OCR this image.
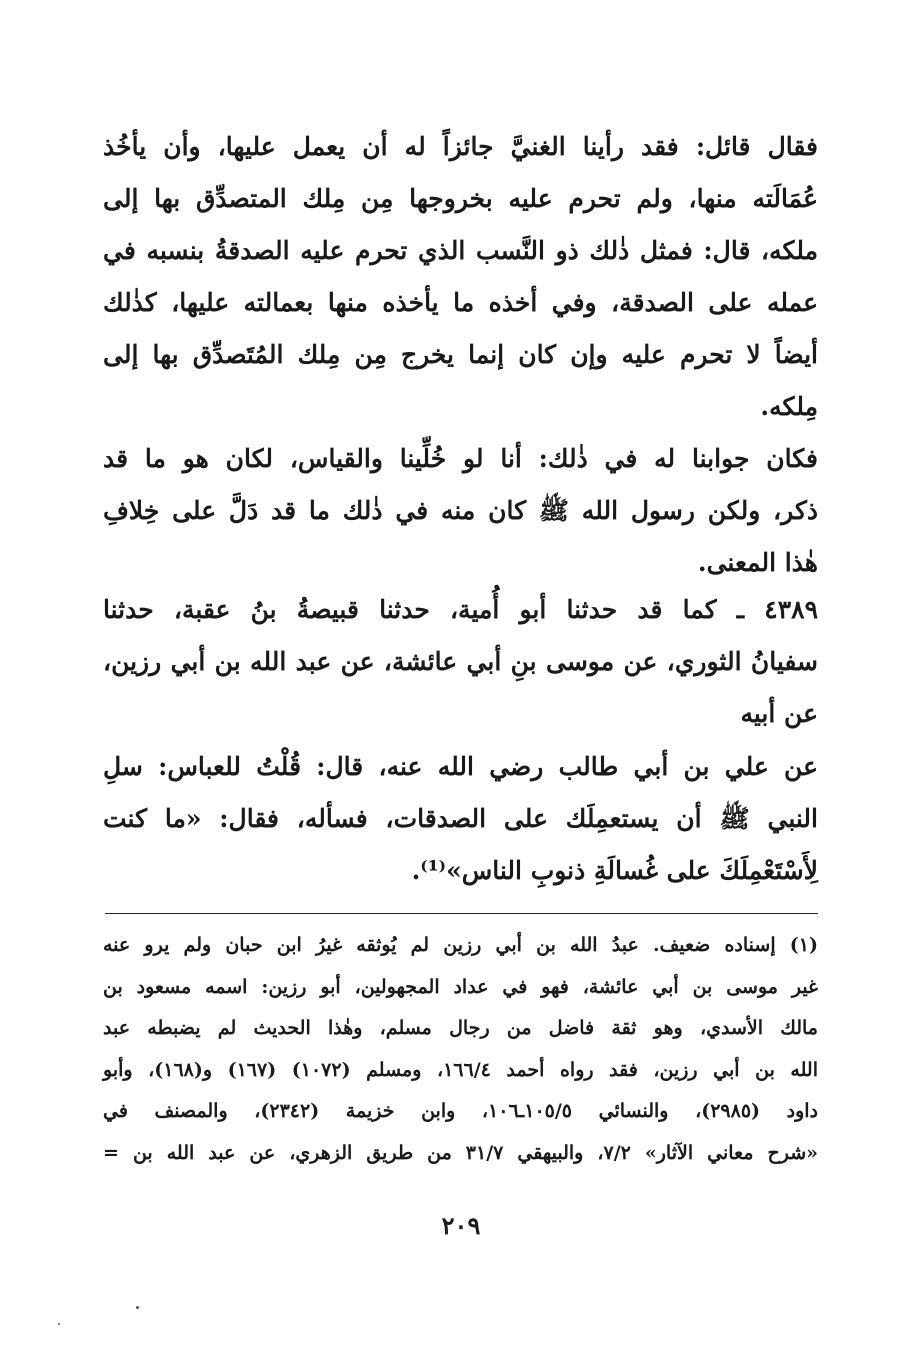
فقال قائل: فقد رأينا الغنيَّ جائزاً له أن يعمل عليها، وأن يأخُذ
عُمَالَته منها، ولم تحرم عليه بخروجها مِن مِلك المتصدِّق بها إلى
ملكه، قال: فمثل ذٰلك ذو النَّسب الذي تحرم عليه الصدقةُ بنسبه في
عمله على الصدقة، وفي أخذه ما يأخذه منها بعمالته عليها، كذٰلك
أيضاً لا تحرم عليه وإن كان إنما يخرج مِن مِلك المُتَصدِّق بها إلى
مِلكه.
فكان جوابنا له في ذٰلك: أنا لو خُلِّينا والقياس، لكان هو ما قد
ذكر، ولكن رسول الله ﷺ كان منه في ذٰلك ما قد دَلَّ على خِلافِ
هٰذا المعنى.
٤٣٨٩ ـ كما قد حدثنا أبو أُمية، حدثنا قبيصةُ بنُ عقبة، حدثنا
سفيانُ الثوري، عن موسى بنِ أبي عائشة، عن عبد الله بن أبي رزين،
عن أبيه
عن علي بن أبي طالب رضي الله عنه، قال: قُلْتُ للعباس: سلِ
النبي ﷺ أن يستعمِلَك على الصدقات، فسأله، فقال: «ما كنت
لِأَسْتَعْمِلَكَ على غُسالَةِ ذنوبِ الناس»⁽¹⁾.
(١) إسناده ضعيف. عبدُ الله بن أبي رزين لم يُوثقه غيرُ ابن حبان ولم يرو عنه
غير موسى بن أبي عائشة، فهو في عداد المجهولين، أبو رزين: اسمه مسعود بن
مالك الأسدي، وهو ثقة فاضل من رجال مسلم، وهٰذا الحديث لم يضبطه عبد
الله بن أبي رزين، فقد رواه أحمد ١٦٦/٤، ومسلم (١٠٧٢) (١٦٧) و(١٦٨)، وأبو
داود (٢٩٨٥)، والنسائي ١٠٥/٥ـ١٠٦، وابن خزيمة (٢٣٤٢)، والمصنف في
«شرح معاني الآثار» ٧/٢، والبيهقي ٣١/٧ من طريق الزهري، عن عبد الله بن =
٢٠٩
